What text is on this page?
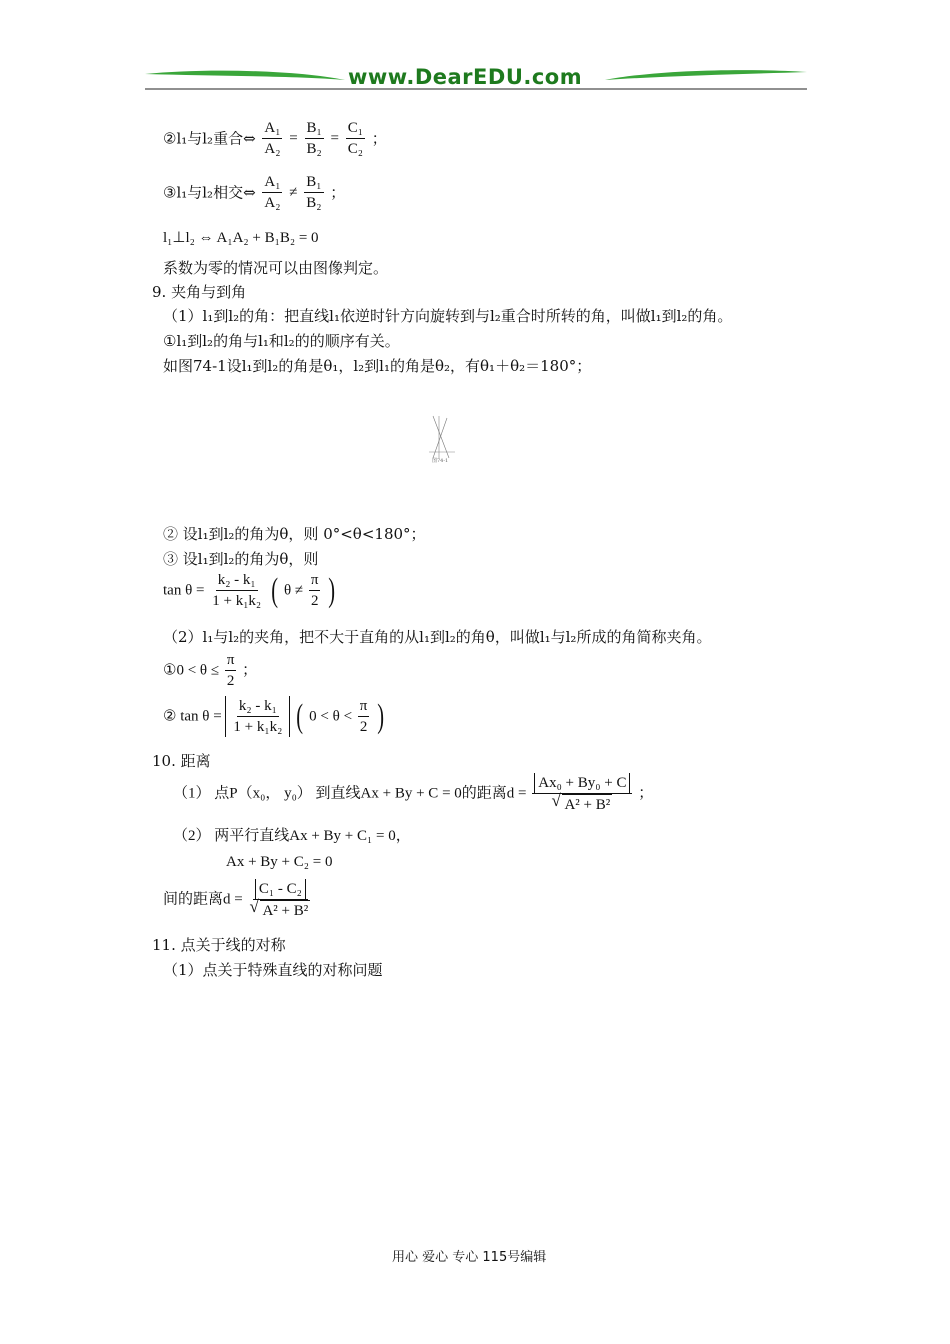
www.DearEDU.com
②l₁与l₂重合⇔ $\frac{\text{A₁}}{\text{A₂}} = \frac{\text{B₁}}{\text{B₂}} = \frac{\text{C₁}}{\text{C₂}}$ ；
③l₁与l₂相交⇔ $\frac{\text{A₁}}{\text{A₂}} \ne \frac{\text{B₁}}{\text{B₂}}$ ；
l₁⊥l₂ ⇔ A₁A₂ + B₁B₂ = 0
系数为零的情况可以由图像判定。
9. 夹角与到角
（1）l₁到l₂的角：把直线l₁依逆时针方向旋转到与l₂重合时所转的角，叫做l₁到l₂的角。
①l₁到l₂的角与l₁和l₂的的顺序有关。
如图74-1设l₁到l₂的角是θ₁，l₂到l₁的角是θ₂，有θ₁＋θ₂＝180°；
图74-1
② 设l₁到l₂的角为θ，则 0°<θ<180°；
③ 设l₁到l₂的角为θ，则
$\tan \theta = \frac{\text{k₂ - k₁}}{\text{1 + k₁k₂}}$ ( $\theta \ne \frac{\pi}{2}$ )
（2）l₁与l₂的夹角，把不大于直角的从l₁到l₂的角θ，叫做l₁与l₂所成的角简称夹角。
①0 < $\theta \le \frac{\pi}{2}$ ；
② $\tan \theta = \frac{\text{k₂ - k₁}}{\text{1 + k₁k₂}}$ ( $0 < \theta < \frac{\pi}{2}$ )
10. 距离
（1） 点P（x₀， y₀） 到直线Ax + By + C = 0的距离d = Ax₀ + By₀ + C
√ A² + B² ；
（2） 两平行直线Ax + By + C₁ = 0，
Ax + By + C₂ = 0
间的距离d = C₁ - C₂
√ A² + B²
11. 点关于线的对称
（1）点关于特殊直线的对称问题
用心 爱心 专心 115号编辑
